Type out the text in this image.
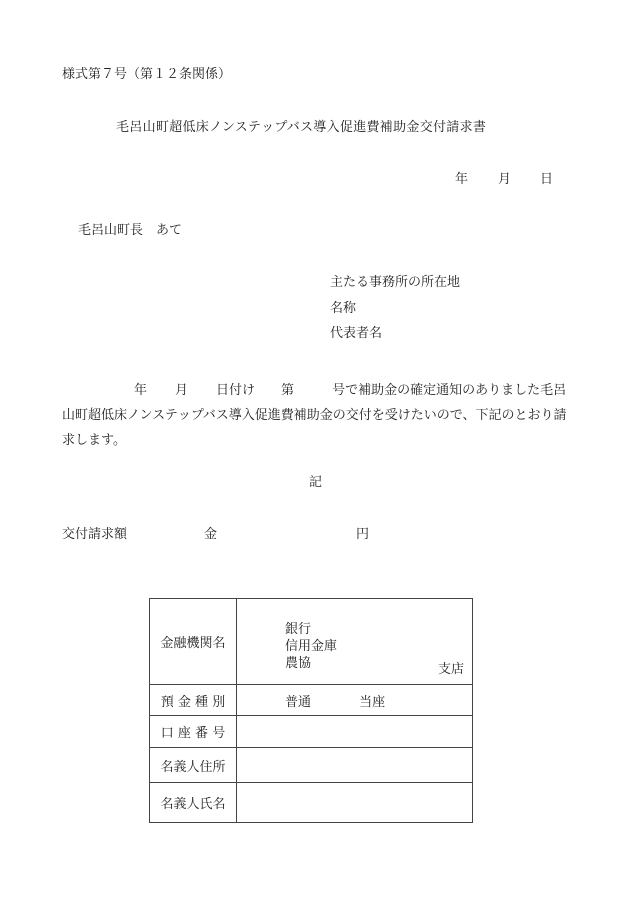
様式第７号（第１２条関係）
毛呂山町超低床ノンステップバス導入促進費補助金交付請求書
年 月 日
毛呂山町長　あて
主たる事務所の所在地
名称
代表者名

年 月 日付け 第	号で補助金の確定通知のありました毛呂山町超低床ノンステップバス導入促進費補助金の交付を受けたいので、下記のとおり請求します。

記
交付請求額	金	円
金融機関名	銀行
信用金庫
農協 支店

預 金 種 別	普通 当座
口 座 番 号	
名義人住所	
名義人氏名	
